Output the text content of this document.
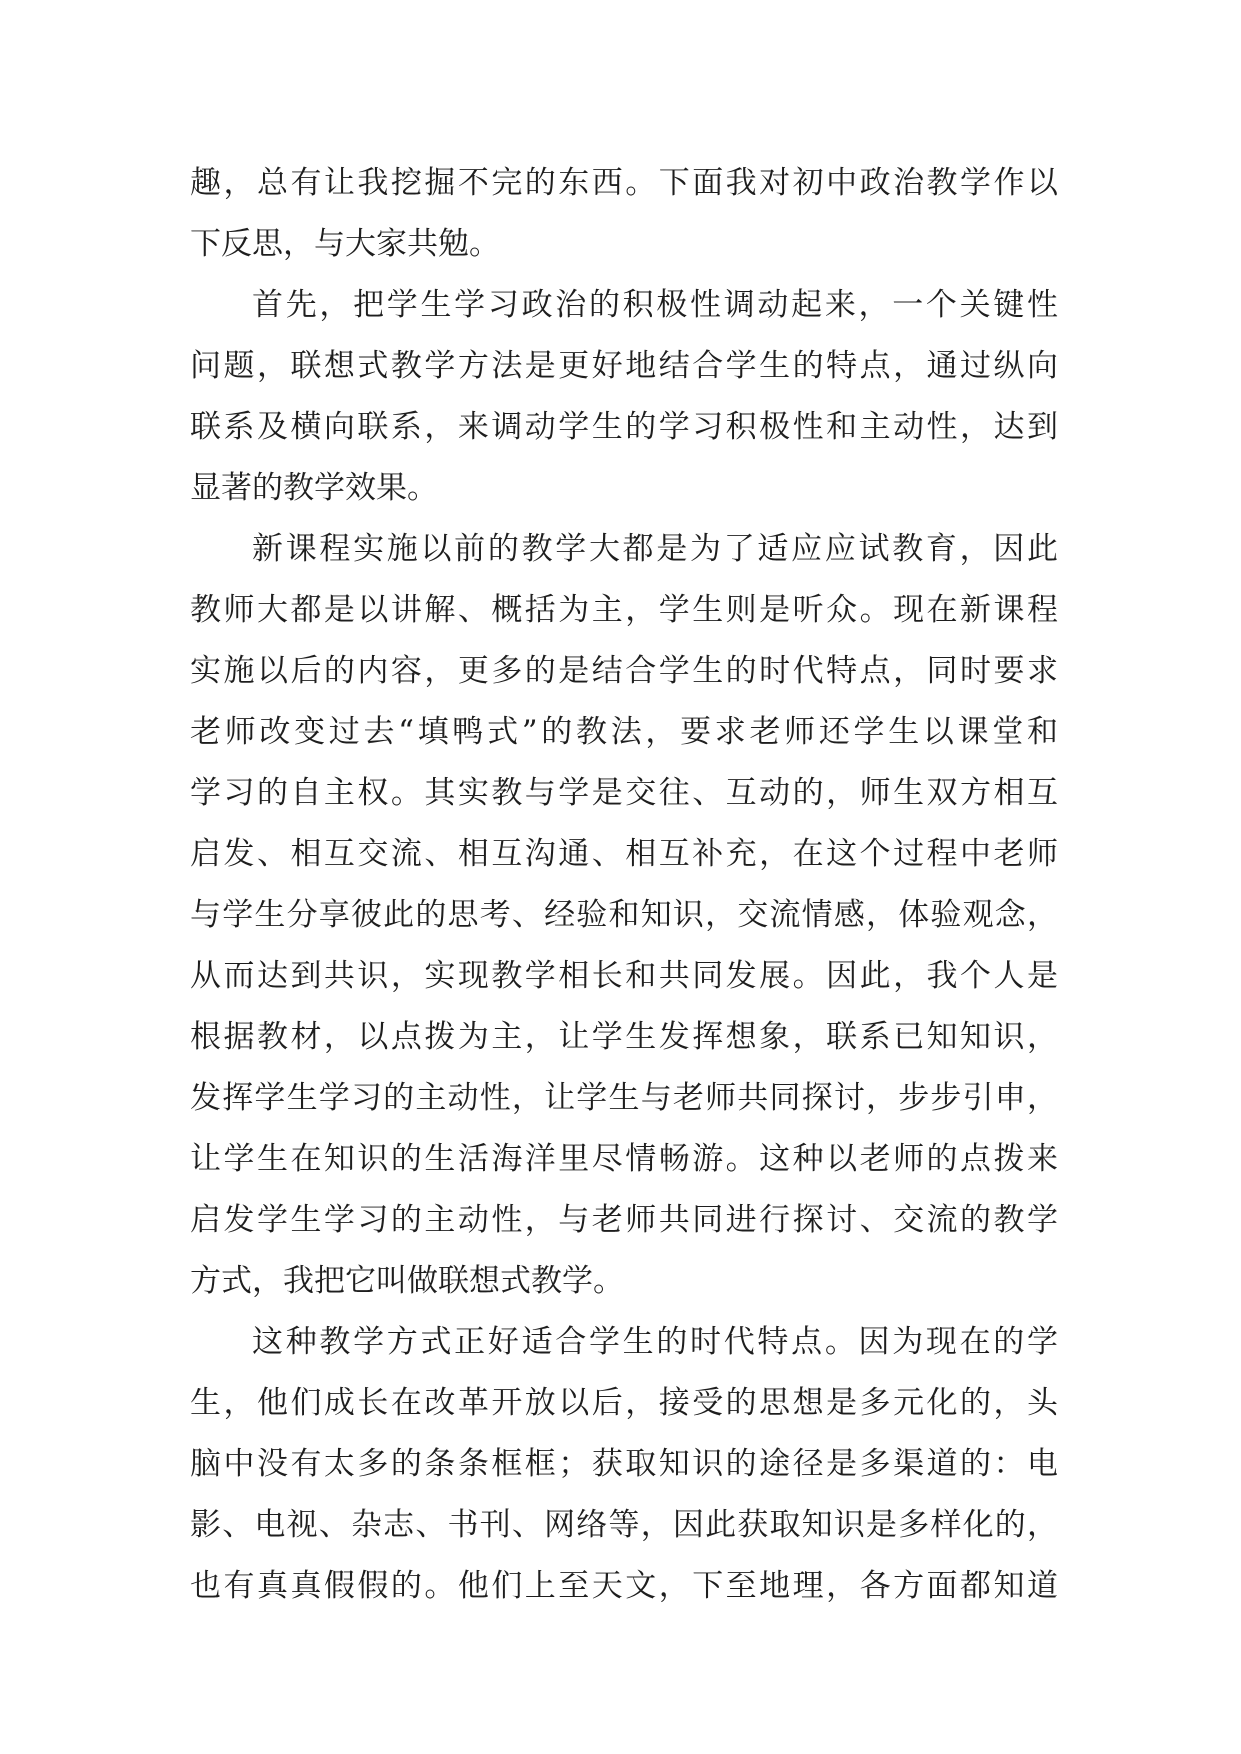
趣，总有让我挖掘不完的东西。下面我对初中政治教学作以
下反思，与大家共勉。
首先，把学生学习政治的积极性调动起来，一个关键性
问题，联想式教学方法是更好地结合学生的特点，通过纵向
联系及横向联系，来调动学生的学习积极性和主动性，达到
显著的教学效果。
新课程实施以前的教学大都是为了适应应试教育，因此
教师大都是以讲解、概括为主，学生则是听众。现在新课程
实施以后的内容，更多的是结合学生的时代特点，同时要求
老师改变过去“填鸭式”的教法，要求老师还学生以课堂和
学习的自主权。其实教与学是交往、互动的，师生双方相互
启发、相互交流、相互沟通、相互补充，在这个过程中老师
与学生分享彼此的思考、经验和知识，交流情感，体验观念，
从而达到共识，实现教学相长和共同发展。因此，我个人是
根据教材，以点拨为主，让学生发挥想象，联系已知知识，
发挥学生学习的主动性，让学生与老师共同探讨，步步引申，
让学生在知识的生活海洋里尽情畅游。这种以老师的点拨来
启发学生学习的主动性，与老师共同进行探讨、交流的教学
方式，我把它叫做联想式教学。
这种教学方式正好适合学生的时代特点。因为现在的学
生，他们成长在改革开放以后，接受的思想是多元化的，头
脑中没有太多的条条框框；获取知识的途径是多渠道的：电
影、电视、杂志、书刊、网络等，因此获取知识是多样化的，
也有真真假假的。他们上至天文，下至地理，各方面都知道
